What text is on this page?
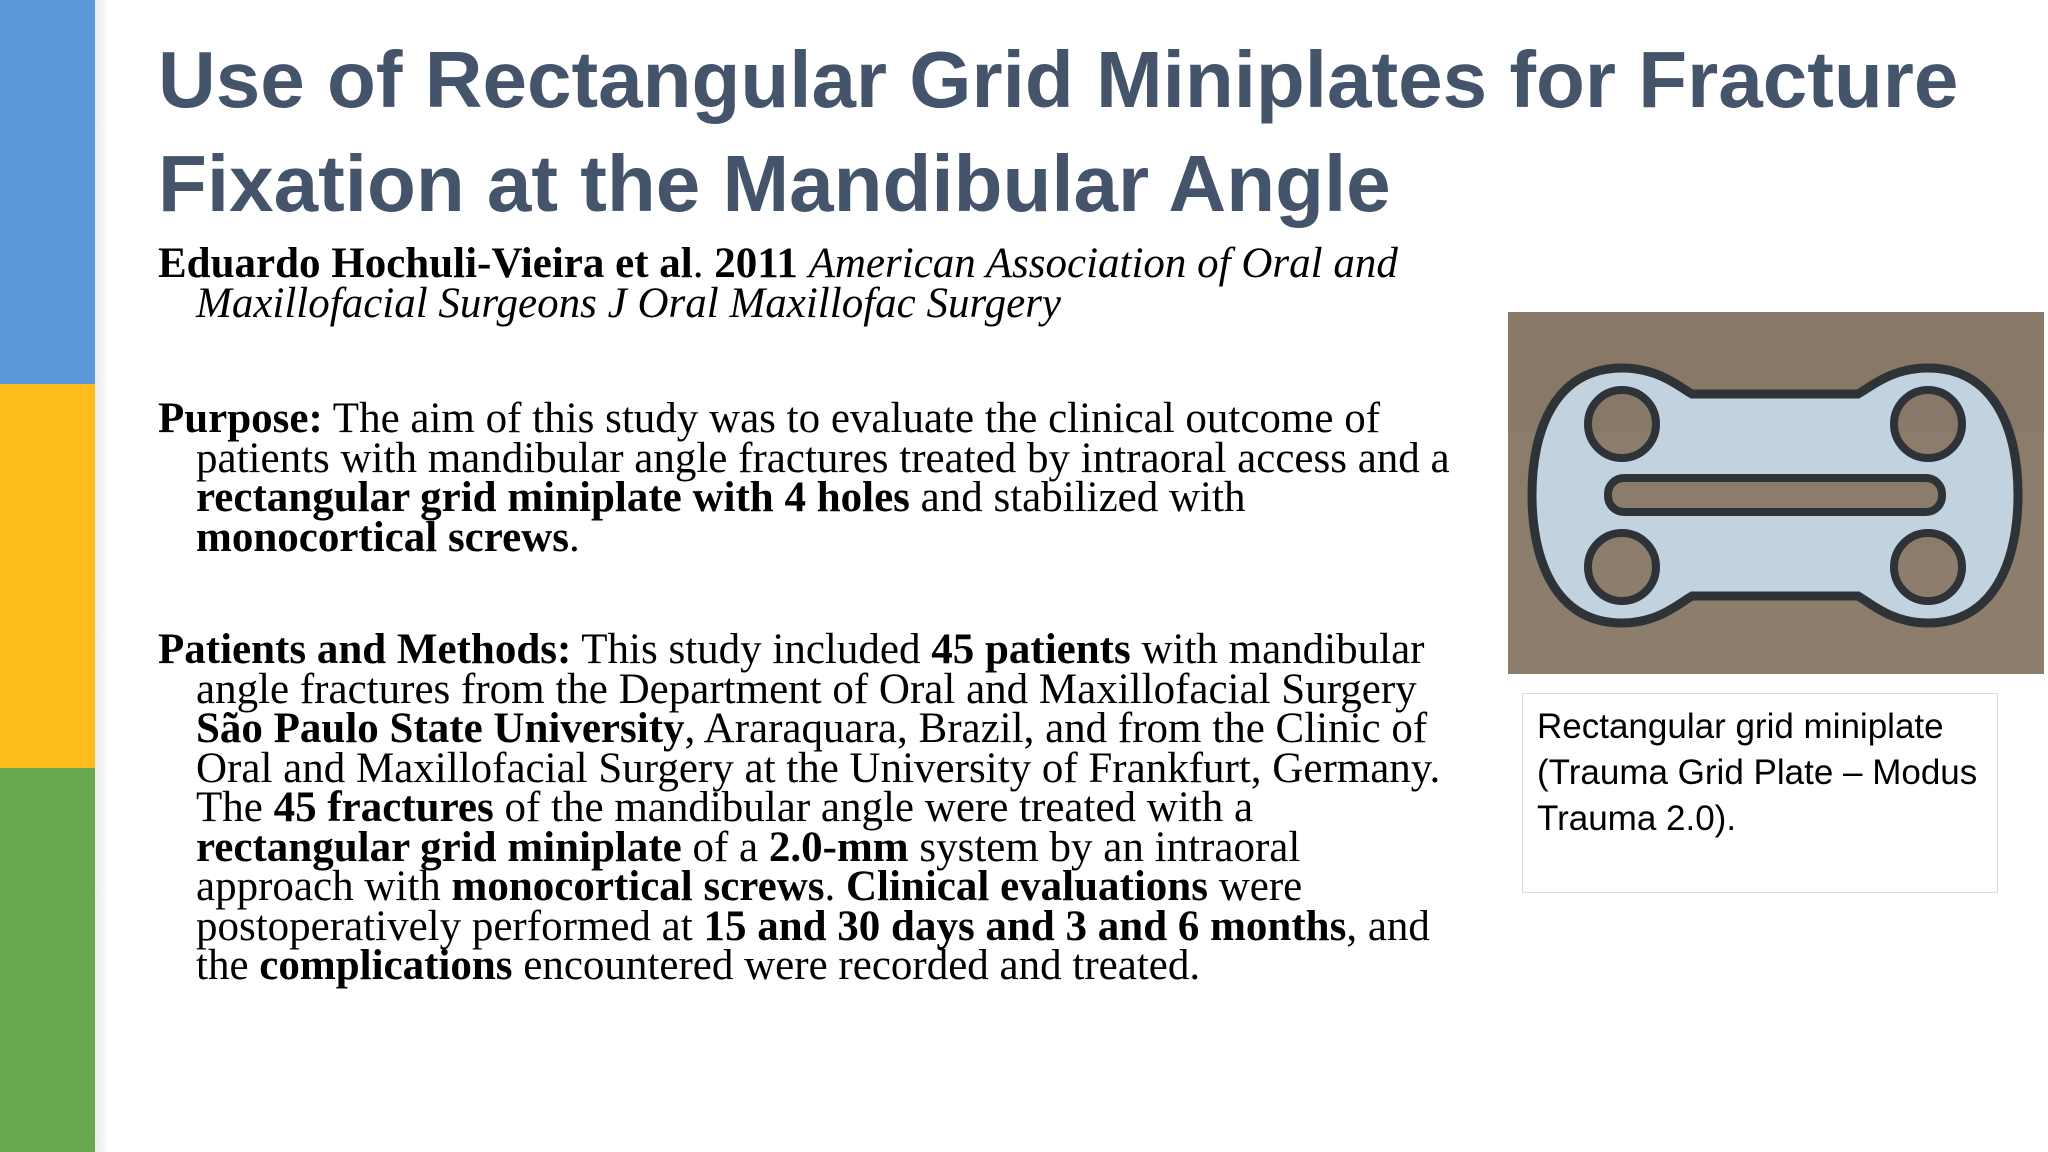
Use of Rectangular Grid Miniplates for Fracture Fixation at the Mandibular Angle

Eduardo Hochuli-Vieira et al. 2011 American Association of Oral and Maxillofacial Surgeons J Oral Maxillofac Surgery

Purpose: The aim of this study was to evaluate the clinical outcome of patients with mandibular angle fractures treated by intraoral access and a rectangular grid miniplate with 4 holes and stabilized with monocortical screws.

Patients and Methods: This study included 45 patients with mandibular angle fractures from the Department of Oral and Maxillofacial Surgery São Paulo State University, Araraquara, Brazil, and from the Clinic of Oral and Maxillofacial Surgery at the University of Frankfurt, Germany. The 45 fractures of the mandibular angle were treated with a rectangular grid miniplate of a 2.0-mm system by an intraoral approach with monocortical screws. Clinical evaluations were postoperatively performed at 15 and 30 days and 3 and 6 months, and the complications encountered were recorded and treated.

Rectangular grid miniplate (Trauma Grid Plate – Modus Trauma 2.0).
